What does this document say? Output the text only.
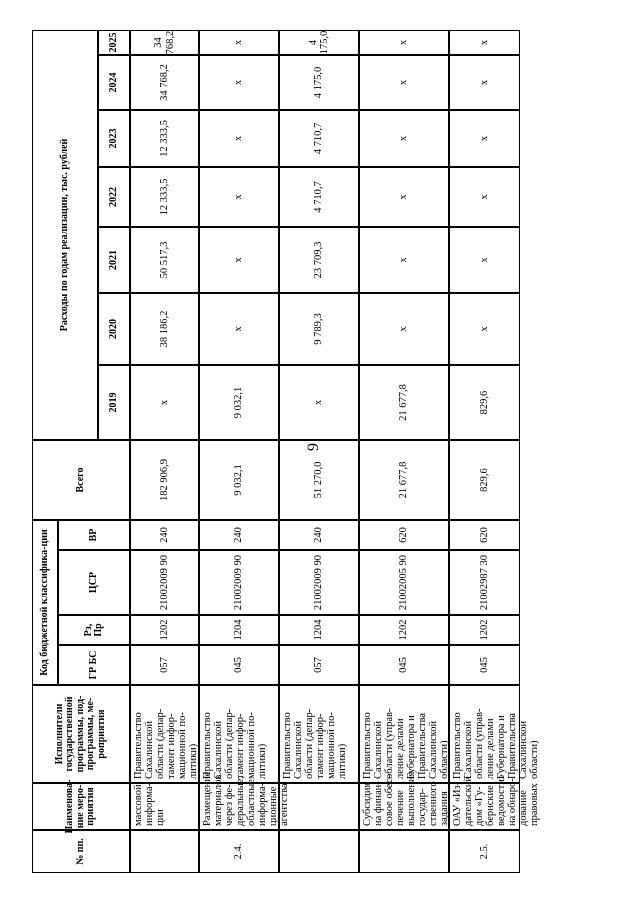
№ пп.
Наименова-ние меро-приятия
Исполнители государственной программы, под-программы, ме-роприятия
Код бюджетной классифика-ции	ГР БС
Рз, Пр
ЦСР
ВР
Всего
Расходы по годам реализации, тыс. рублей
2019
2020
2021
2022
2023
2024
2025
массовой информа-ции
Правительство Сахалинской области (депар-тамент инфор-мационной по-литики)
057
1202
21002009 90
240
182 906,9
х
38 186,2
50 517,3
12 333,5
12 333,5
34 768,2
34 768,2
2.4.
Размещение материалов через фе-деральные, областные информа-ционные агентства
Правительство Сахалинской области (депар-тамент инфор-мационной по-литики)
045
1204
21002009 90
240
9 032,1
9 032,1
х
х
х
х
х
х
Правительство Сахалинской области (депар-тамент инфор-мационной по-литики)
057
1204
21002009 90
240
51 270,0
х
9 789,3
23 709,3
4 710,7
4 710,7
4 175,0
4 175,0
Субсидия на финан-совое обес-печение выполнения государ-ственного задания
Правительство Сахалинской области (управ-ление делами Губернатора и Правительства Сахалинской области)
045
1202
21002005 90
620
21 677,8
21 677,8
х
х
х
х
х
х
2.5.
ОАУ «Из-дательский дом «Гу-бернские ведомости» на обнаро-дование правовых
Правительство Сахалинской области (управ-ление делами Губернатора и Правительства Сахалинской области)
045
1202
21002987 30
620
829,6
829,6
х
х
х
х
х
х
9
